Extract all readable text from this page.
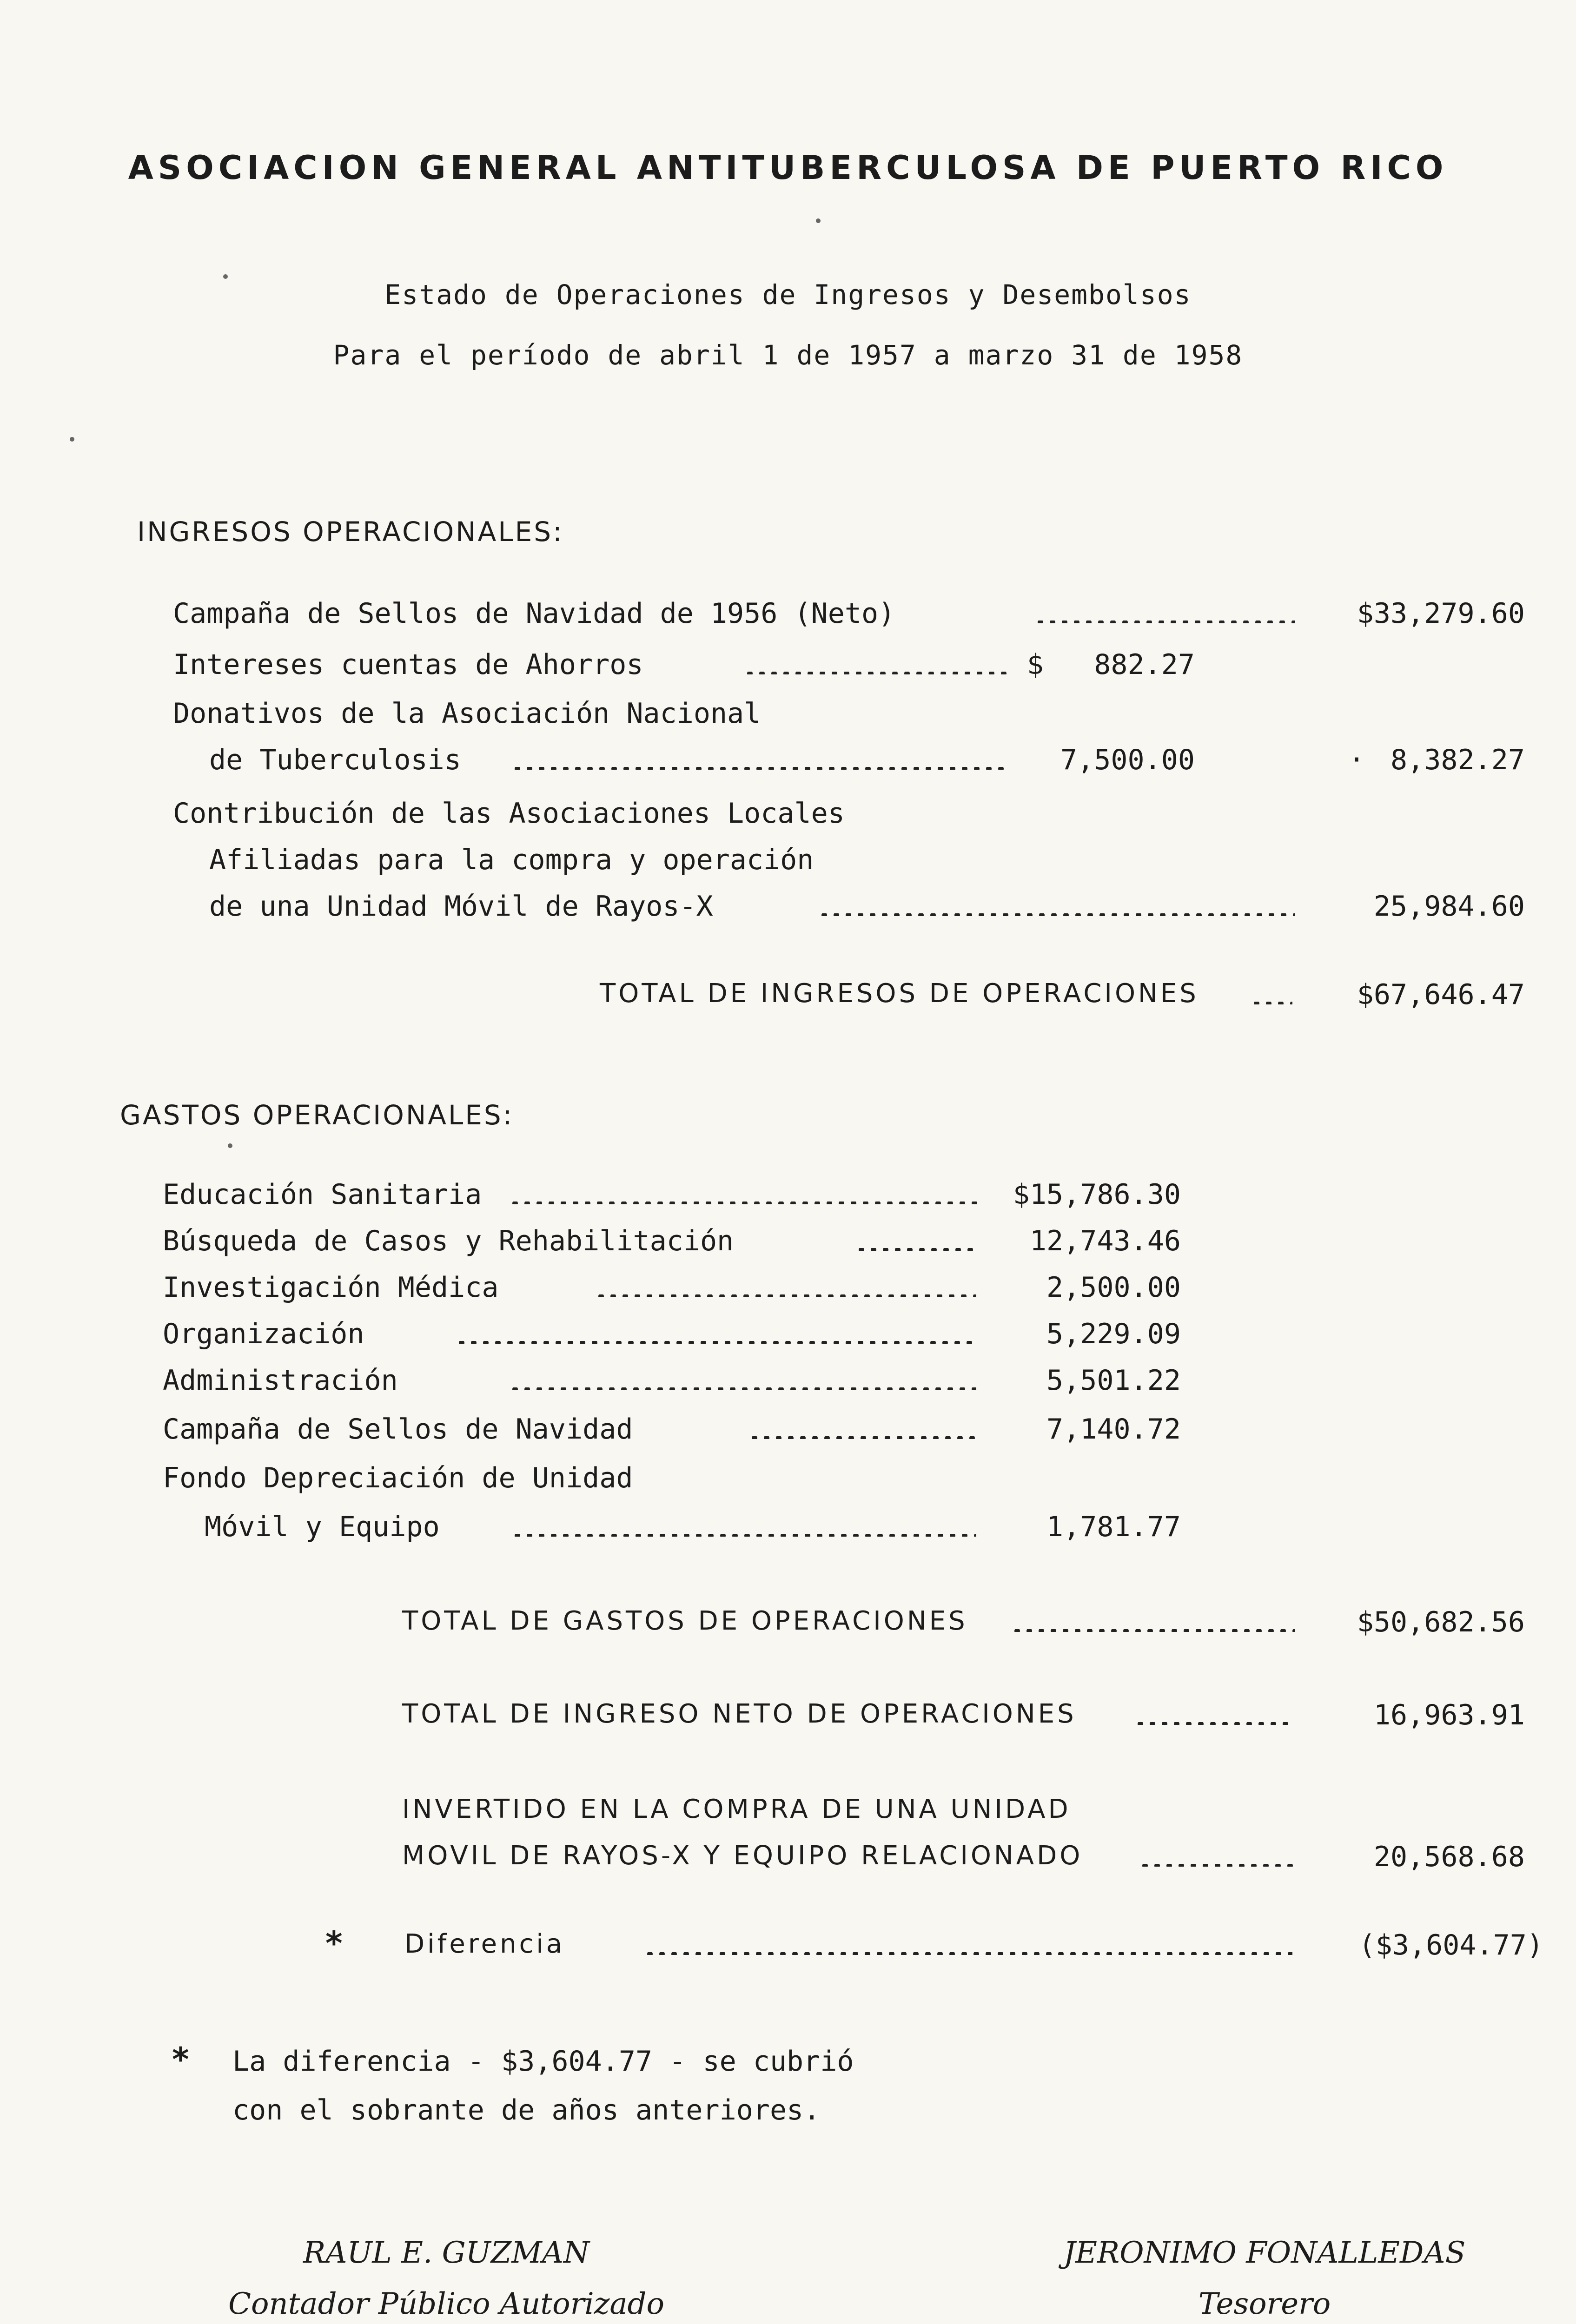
ASOCIACION GENERAL ANTITUBERCULOSA DE PUERTO RICO
Estado de Operaciones de Ingresos y Desembolsos
Para el período de abril 1 de 1957 a marzo 31 de 1958
INGRESOS OPERACIONALES:
Campaña de Sellos de Navidad de 1956 (Neto)	$33,279.60
Intereses cuentas de Ahorros	$   882.27
Donativos de la Asociación Nacional
de Tuberculosis	7,500.00	· 8,382.27
Contribución de las Asociaciones Locales
Afiliadas para la compra y operación
de una Unidad Móvil de Rayos-X	25,984.60
TOTAL DE INGRESOS DE OPERACIONES	$67,646.47
GASTOS OPERACIONALES:
Educación Sanitaria	$15,786.30
Búsqueda de Casos y Rehabilitación	12,743.46
Investigación Médica	2,500.00
Organización	5,229.09
Administración	5,501.22
Campaña de Sellos de Navidad	7,140.72
Fondo Depreciación de Unidad
Móvil y Equipo	1,781.77
TOTAL DE GASTOS DE OPERACIONES	$50,682.56
TOTAL DE INGRESO NETO DE OPERACIONES	16,963.91
INVERTIDO EN LA COMPRA DE UNA UNIDAD
MOVIL DE RAYOS-X Y EQUIPO RELACIONADO	20,568.68
* Diferencia	($3,604.77)
* La diferencia - $3,604.77 - se cubrió
con el sobrante de años anteriores.
RAUL E. GUZMAN
Contador Público Autorizado
JERONIMO FONALLEDAS
Tesorero
